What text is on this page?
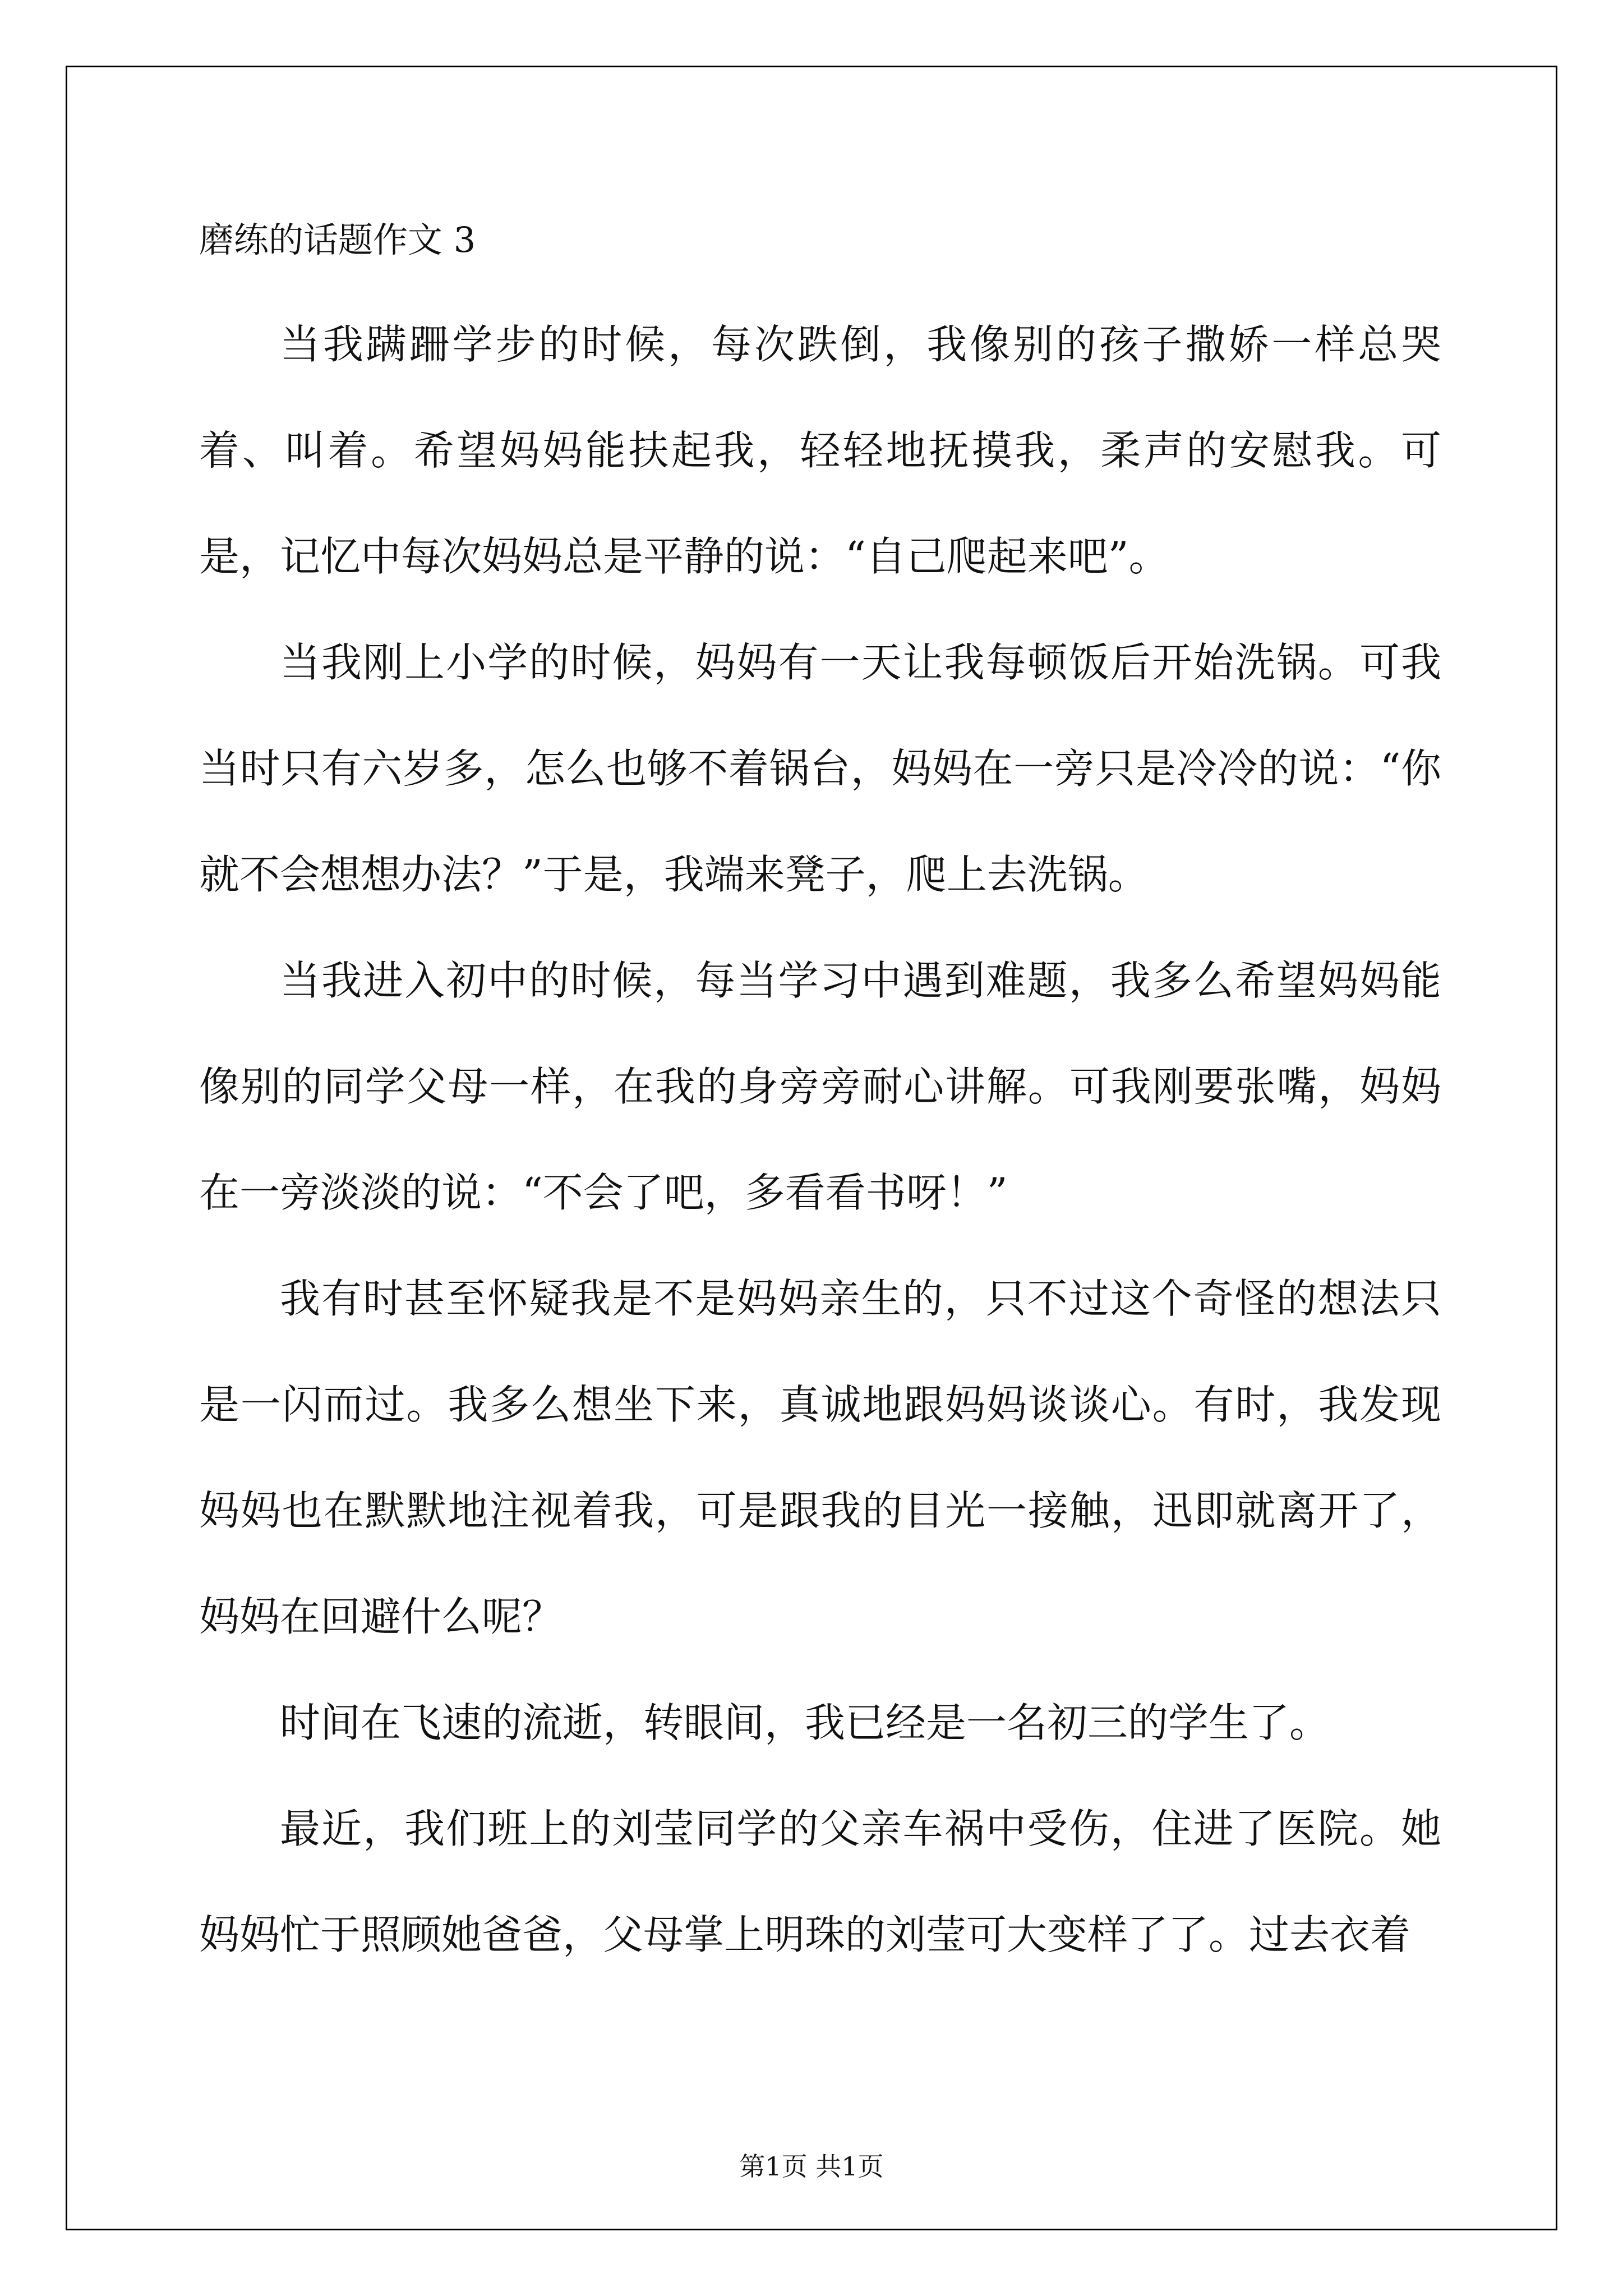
磨练的话题作文 3

当我蹒跚学步的时候，每次跌倒，我像别的孩子撒娇一样总哭着、叫着。希望妈妈能扶起我，轻轻地抚摸我，柔声的安慰我。可是，记忆中每次妈妈总是平静的说：“自己爬起来吧”。

当我刚上小学的时候，妈妈有一天让我每顿饭后开始洗锅。可我当时只有六岁多，怎么也够不着锅台，妈妈在一旁只是冷冷的说：“你就不会想想办法？”于是，我端来凳子，爬上去洗锅。

当我进入初中的时候，每当学习中遇到难题，我多么希望妈妈能像别的同学父母一样，在我的身旁旁耐心讲解。可我刚要张嘴，妈妈在一旁淡淡的说：“不会了吧，多看看书呀！”

我有时甚至怀疑我是不是妈妈亲生的，只不过这个奇怪的想法只是一闪而过。我多么想坐下来，真诚地跟妈妈谈谈心。有时，我发现妈妈也在默默地注视着我，可是跟我的目光一接触，迅即就离开了，妈妈在回避什么呢？

时间在飞速的流逝，转眼间，我已经是一名初三的学生了。

最近，我们班上的刘莹同学的父亲车祸中受伤，住进了医院。她妈妈忙于照顾她爸爸，父母掌上明珠的刘莹可大变样了了。过去衣着

第1页 共1页
